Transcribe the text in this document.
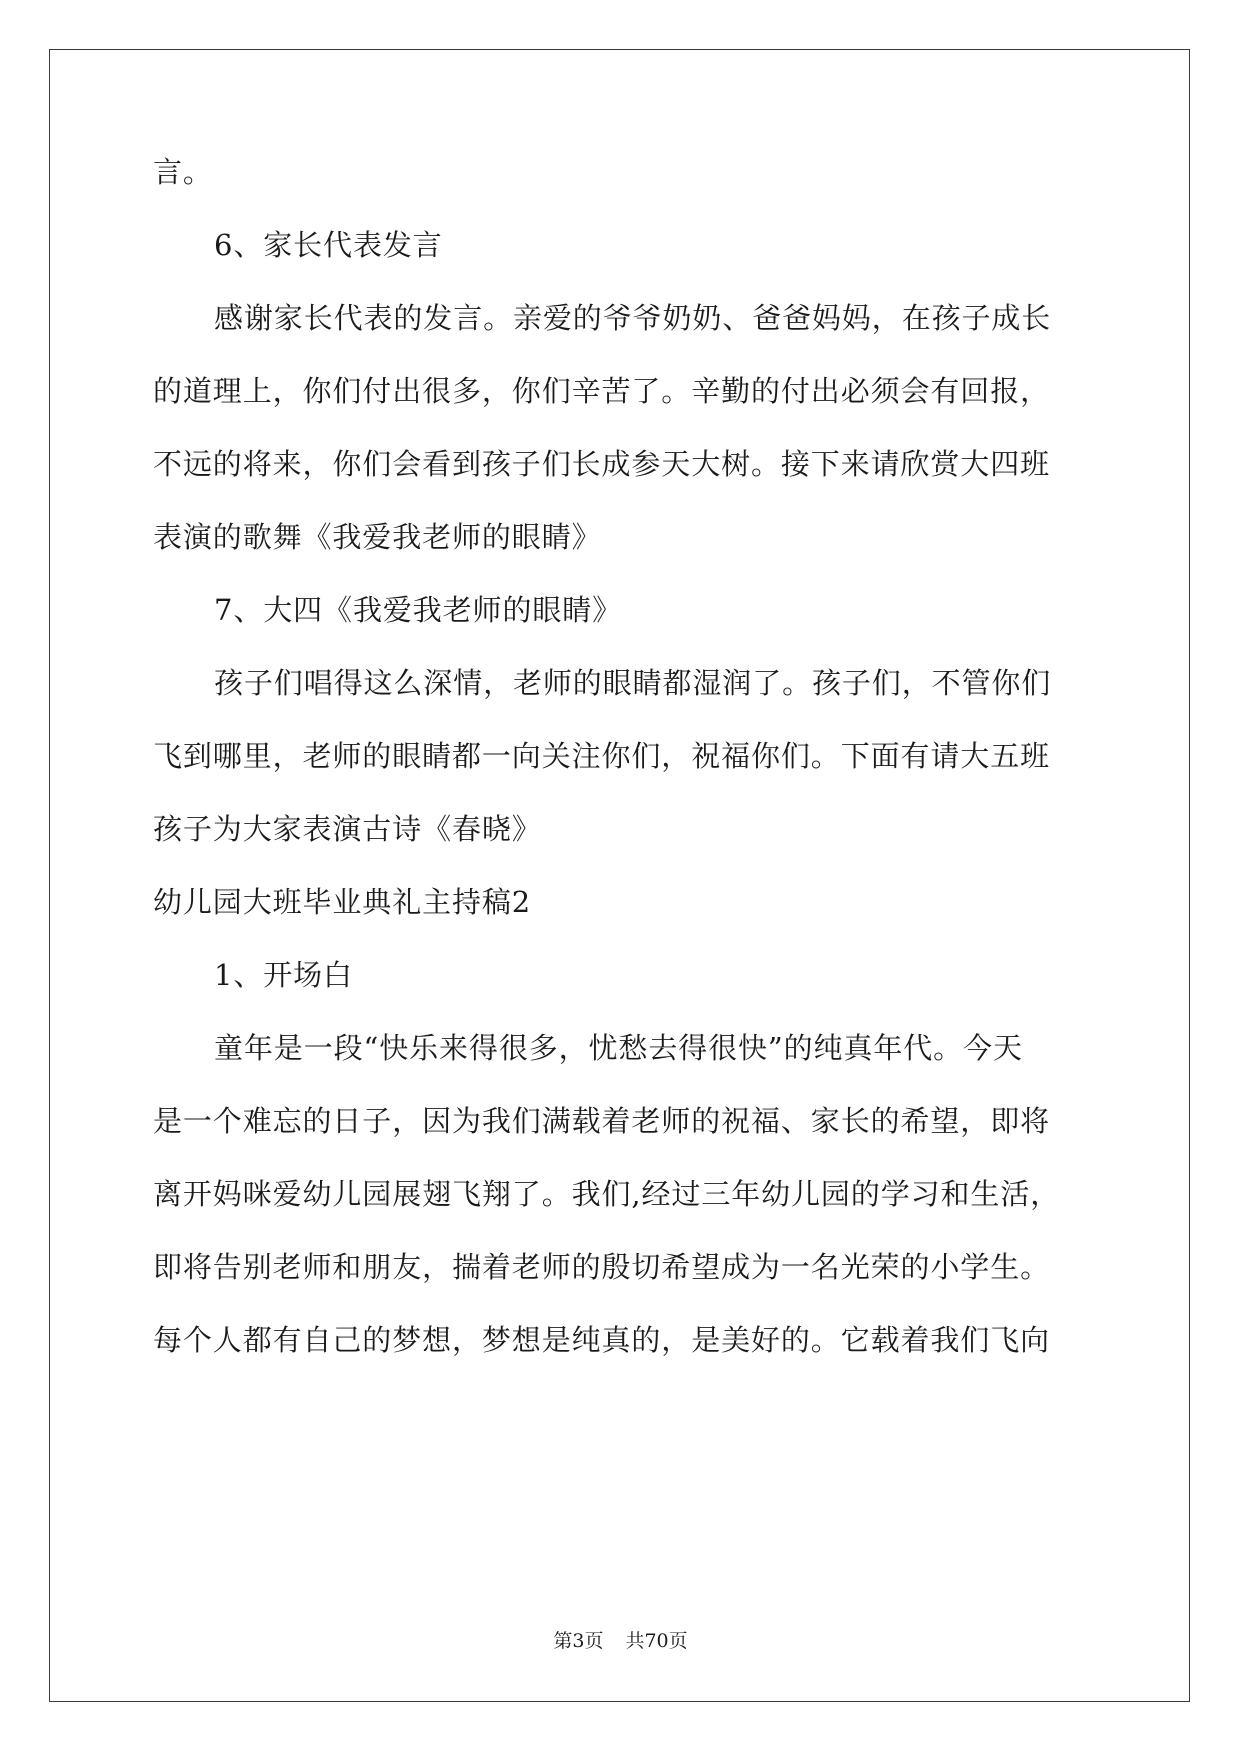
言。
6、家长代表发言
感谢家长代表的发言。亲爱的爷爷奶奶、爸爸妈妈，在孩子成长
的道理上，你们付出很多，你们辛苦了。辛勤的付出必须会有回报，
不远的将来，你们会看到孩子们长成参天大树。接下来请欣赏大四班
表演的歌舞《我爱我老师的眼睛》
7、大四《我爱我老师的眼睛》
孩子们唱得这么深情，老师的眼睛都湿润了。孩子们，不管你们
飞到哪里，老师的眼睛都一向关注你们，祝福你们。下面有请大五班
孩子为大家表演古诗《春晓》
幼儿园大班毕业典礼主持稿2
1、开场白
童年是一段“快乐来得很多，忧愁去得很快”的纯真年代。今天
是一个难忘的日子，因为我们满载着老师的祝福、家长的希望，即将
离开妈咪爱幼儿园展翅飞翔了。我们,经过三年幼儿园的学习和生活，
即将告别老师和朋友，揣着老师的殷切希望成为一名光荣的小学生。
每个人都有自己的梦想，梦想是纯真的，是美好的。它载着我们飞向
第3页 共70页
